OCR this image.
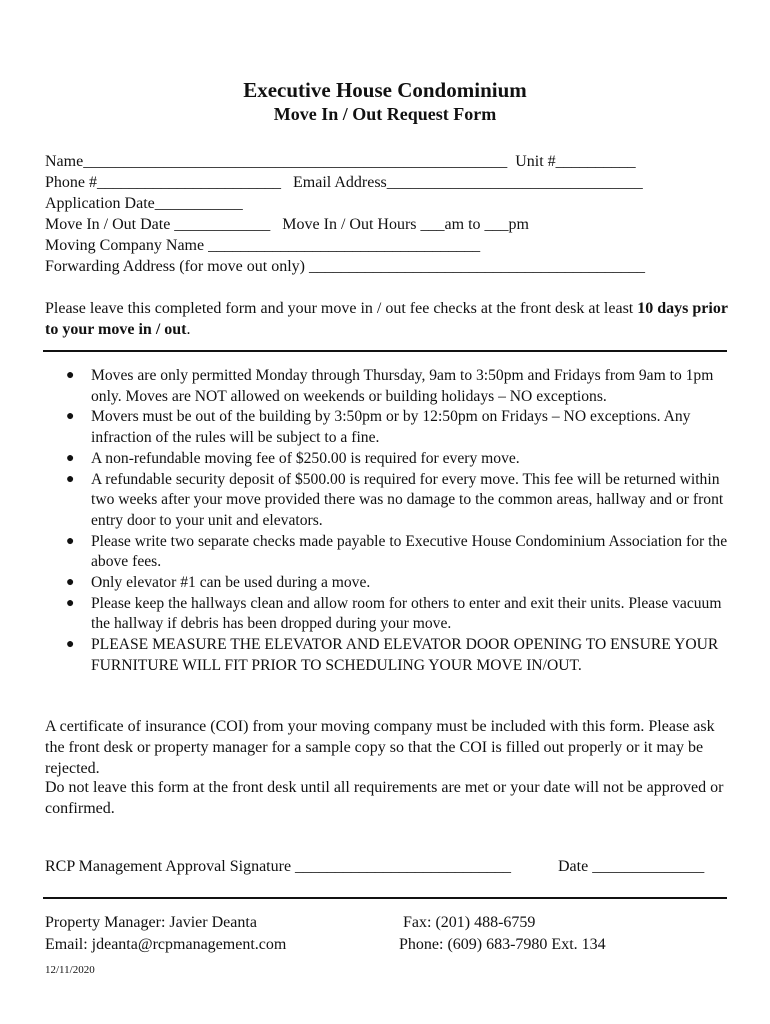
Executive House Condominium
Move In / Out Request Form
Name_____________________________________________________  Unit #__________
Phone #_______________________   Email Address________________________________
Application Date___________
Move In / Out Date ____________   Move In / Out Hours ___am to ___pm
Moving Company Name __________________________________
Forwarding Address (for move out only) __________________________________________
Please leave this completed form and your move in / out fee checks at the front desk at least 10 days prior to your move in / out.
● Moves are only permitted Monday through Thursday, 9am to 3:50pm and Fridays from 9am to 1pm only. Moves are NOT allowed on weekends or building holidays – NO exceptions.
● Movers must be out of the building by 3:50pm or by 12:50pm on Fridays – NO exceptions. Any infraction of the rules will be subject to a fine.
● A non-refundable moving fee of $250.00 is required for every move.
● A refundable security deposit of $500.00 is required for every move. This fee will be returned within two weeks after your move provided there was no damage to the common areas, hallway and or front entry door to your unit and elevators.
● Please write two separate checks made payable to Executive House Condominium Association for the above fees.
● Only elevator #1 can be used during a move.
● Please keep the hallways clean and allow room for others to enter and exit their units. Please vacuum the hallway if debris has been dropped during your move.
● PLEASE MEASURE THE ELEVATOR AND ELEVATOR DOOR OPENING TO ENSURE YOUR FURNITURE WILL FIT PRIOR TO SCHEDULING YOUR MOVE IN/OUT.
A certificate of insurance (COI) from your moving company must be included with this form. Please ask the front desk or property manager for a sample copy so that the COI is filled out properly or it may be rejected.
Do not leave this form at the front desk until all requirements are met or your date will not be approved or confirmed.
RCP Management Approval Signature ___________________________	Date ______________
Property Manager: Javier Deanta
Email: jdeanta@rcpmanagement.com
Fax: (201) 488-6759
Phone: (609) 683-7980 Ext. 134
12/11/2020
